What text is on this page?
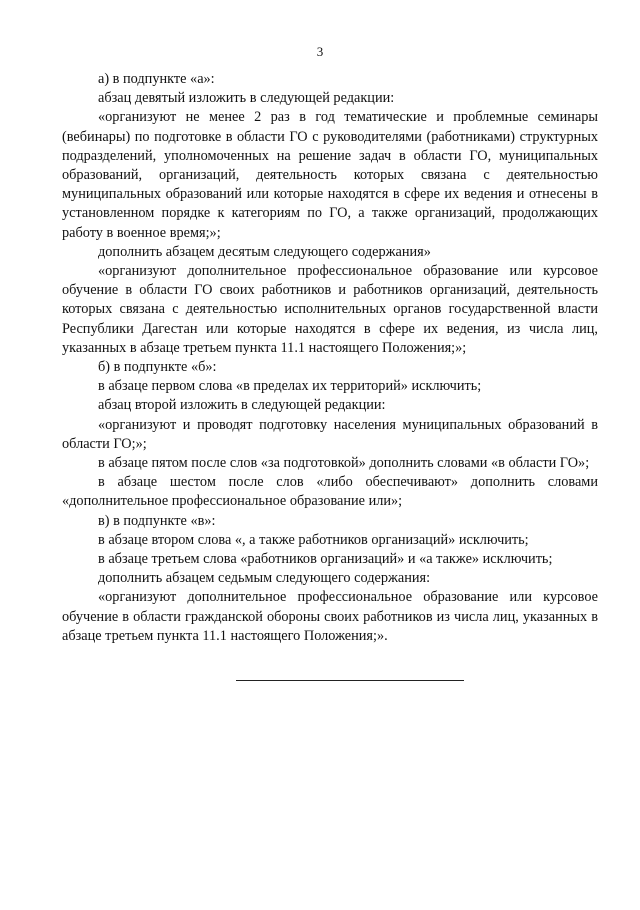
3

а) в подпункте «а»:

абзац девятый изложить в следующей редакции:

«организуют не менее 2 раз в год тематические и проблемные семинары (вебинары) по подготовке в области ГО с руководителями (работниками) структурных подразделений, уполномоченных на решение задач в области ГО, муниципальных образований, организаций, деятельность которых связана с деятельностью муниципальных образований или которые находятся в сфере их ведения и отнесены в установленном порядке к категориям по ГО, а также организаций, продолжающих работу в военное время;»;

дополнить абзацем десятым следующего содержания»

«организуют дополнительное профессиональное образование или курсовое обучение в области ГО своих работников и работников организаций, деятельность которых связана с деятельностью исполнительных органов государственной власти Республики Дагестан или которые находятся в сфере их ведения, из числа лиц, указанных в абзаце третьем пункта 11.1 настоящего Положения;»;

б) в подпункте «б»:

в абзаце первом слова «в пределах их территорий» исключить;

абзац второй изложить в следующей редакции:

«организуют и проводят подготовку населения муниципальных образований в области ГО;»;

в абзаце пятом после слов «за подготовкой» дополнить словами «в области ГО»;

в абзаце шестом после слов «либо обеспечивают» дополнить словами «дополнительное профессиональное образование или»;

в) в подпункте «в»:

в абзаце втором слова «, а также работников организаций» исключить;

в абзаце третьем слова «работников организаций» и «а также» исключить;

дополнить абзацем седьмым следующего содержания:

«организуют дополнительное профессиональное образование или курсовое обучение в области гражданской обороны своих работников из числа лиц, указанных в абзаце третьем пункта 11.1 настоящего Положения;».
